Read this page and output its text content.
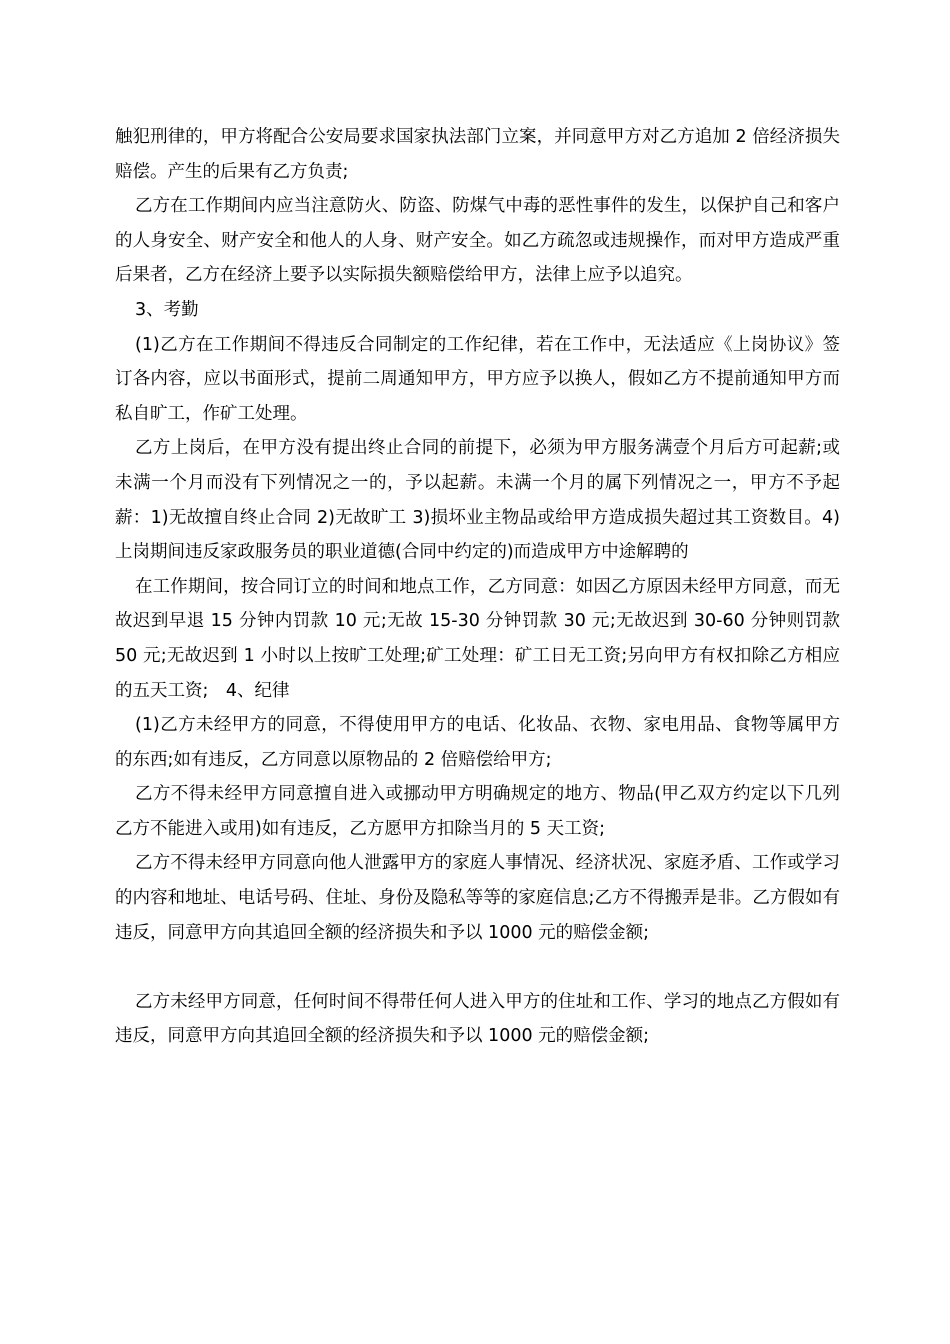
触犯刑律的，甲方将配合公安局要求国家执法部门立案，并同意甲方对乙方追加 2 倍经济损失赔偿。产生的后果有乙方负责;

乙方在工作期间内应当注意防火、防盗、防煤气中毒的恶性事件的发生，以保护自己和客户的人身安全、财产安全和他人的人身、财产安全。如乙方疏忽或违规操作，而对甲方造成严重后果者，乙方在经济上要予以实际损失额赔偿给甲方，法律上应予以追究。

3、考勤

(1)乙方在工作期间不得违反合同制定的工作纪律，若在工作中，无法适应《上岗协议》签订各内容，应以书面形式，提前二周通知甲方，甲方应予以换人，假如乙方不提前通知甲方而私自旷工，作矿工处理。

乙方上岗后，在甲方没有提出终止合同的前提下，必须为甲方服务满壹个月后方可起薪;或未满一个月而没有下列情况之一的，予以起薪。未满一个月的属下列情况之一，甲方不予起薪：1)无故擅自终止合同 2)无故旷工 3)损坏业主物品或给甲方造成损失超过其工资数目。4)上岗期间违反家政服务员的职业道德(合同中约定的)而造成甲方中途解聘的

在工作期间，按合同订立的时间和地点工作，乙方同意：如因乙方原因未经甲方同意，而无故迟到早退 15 分钟内罚款 10 元;无故 15-30 分钟罚款 30 元;无故迟到 30-60 分钟则罚款 50 元;无故迟到 1 小时以上按旷工处理;矿工处理：矿工日无工资;另向甲方有权扣除乙方相应的五天工资;　4、纪律

(1)乙方未经甲方的同意，不得使用甲方的电话、化妆品、衣物、家电用品、食物等属甲方的东西;如有违反，乙方同意以原物品的 2 倍赔偿给甲方;

乙方不得未经甲方同意擅自进入或挪动甲方明确规定的地方、物品(甲乙双方约定以下几列乙方不能进入或用)如有违反，乙方愿甲方扣除当月的 5 天工资;

乙方不得未经甲方同意向他人泄露甲方的家庭人事情况、经济状况、家庭矛盾、工作或学习的内容和地址、电话号码、住址、身份及隐私等等的家庭信息;乙方不得搬弄是非。乙方假如有违反，同意甲方向其追回全额的经济损失和予以 1000 元的赔偿金额;

乙方未经甲方同意，任何时间不得带任何人进入甲方的住址和工作、学习的地点乙方假如有违反，同意甲方向其追回全额的经济损失和予以 1000 元的赔偿金额;
